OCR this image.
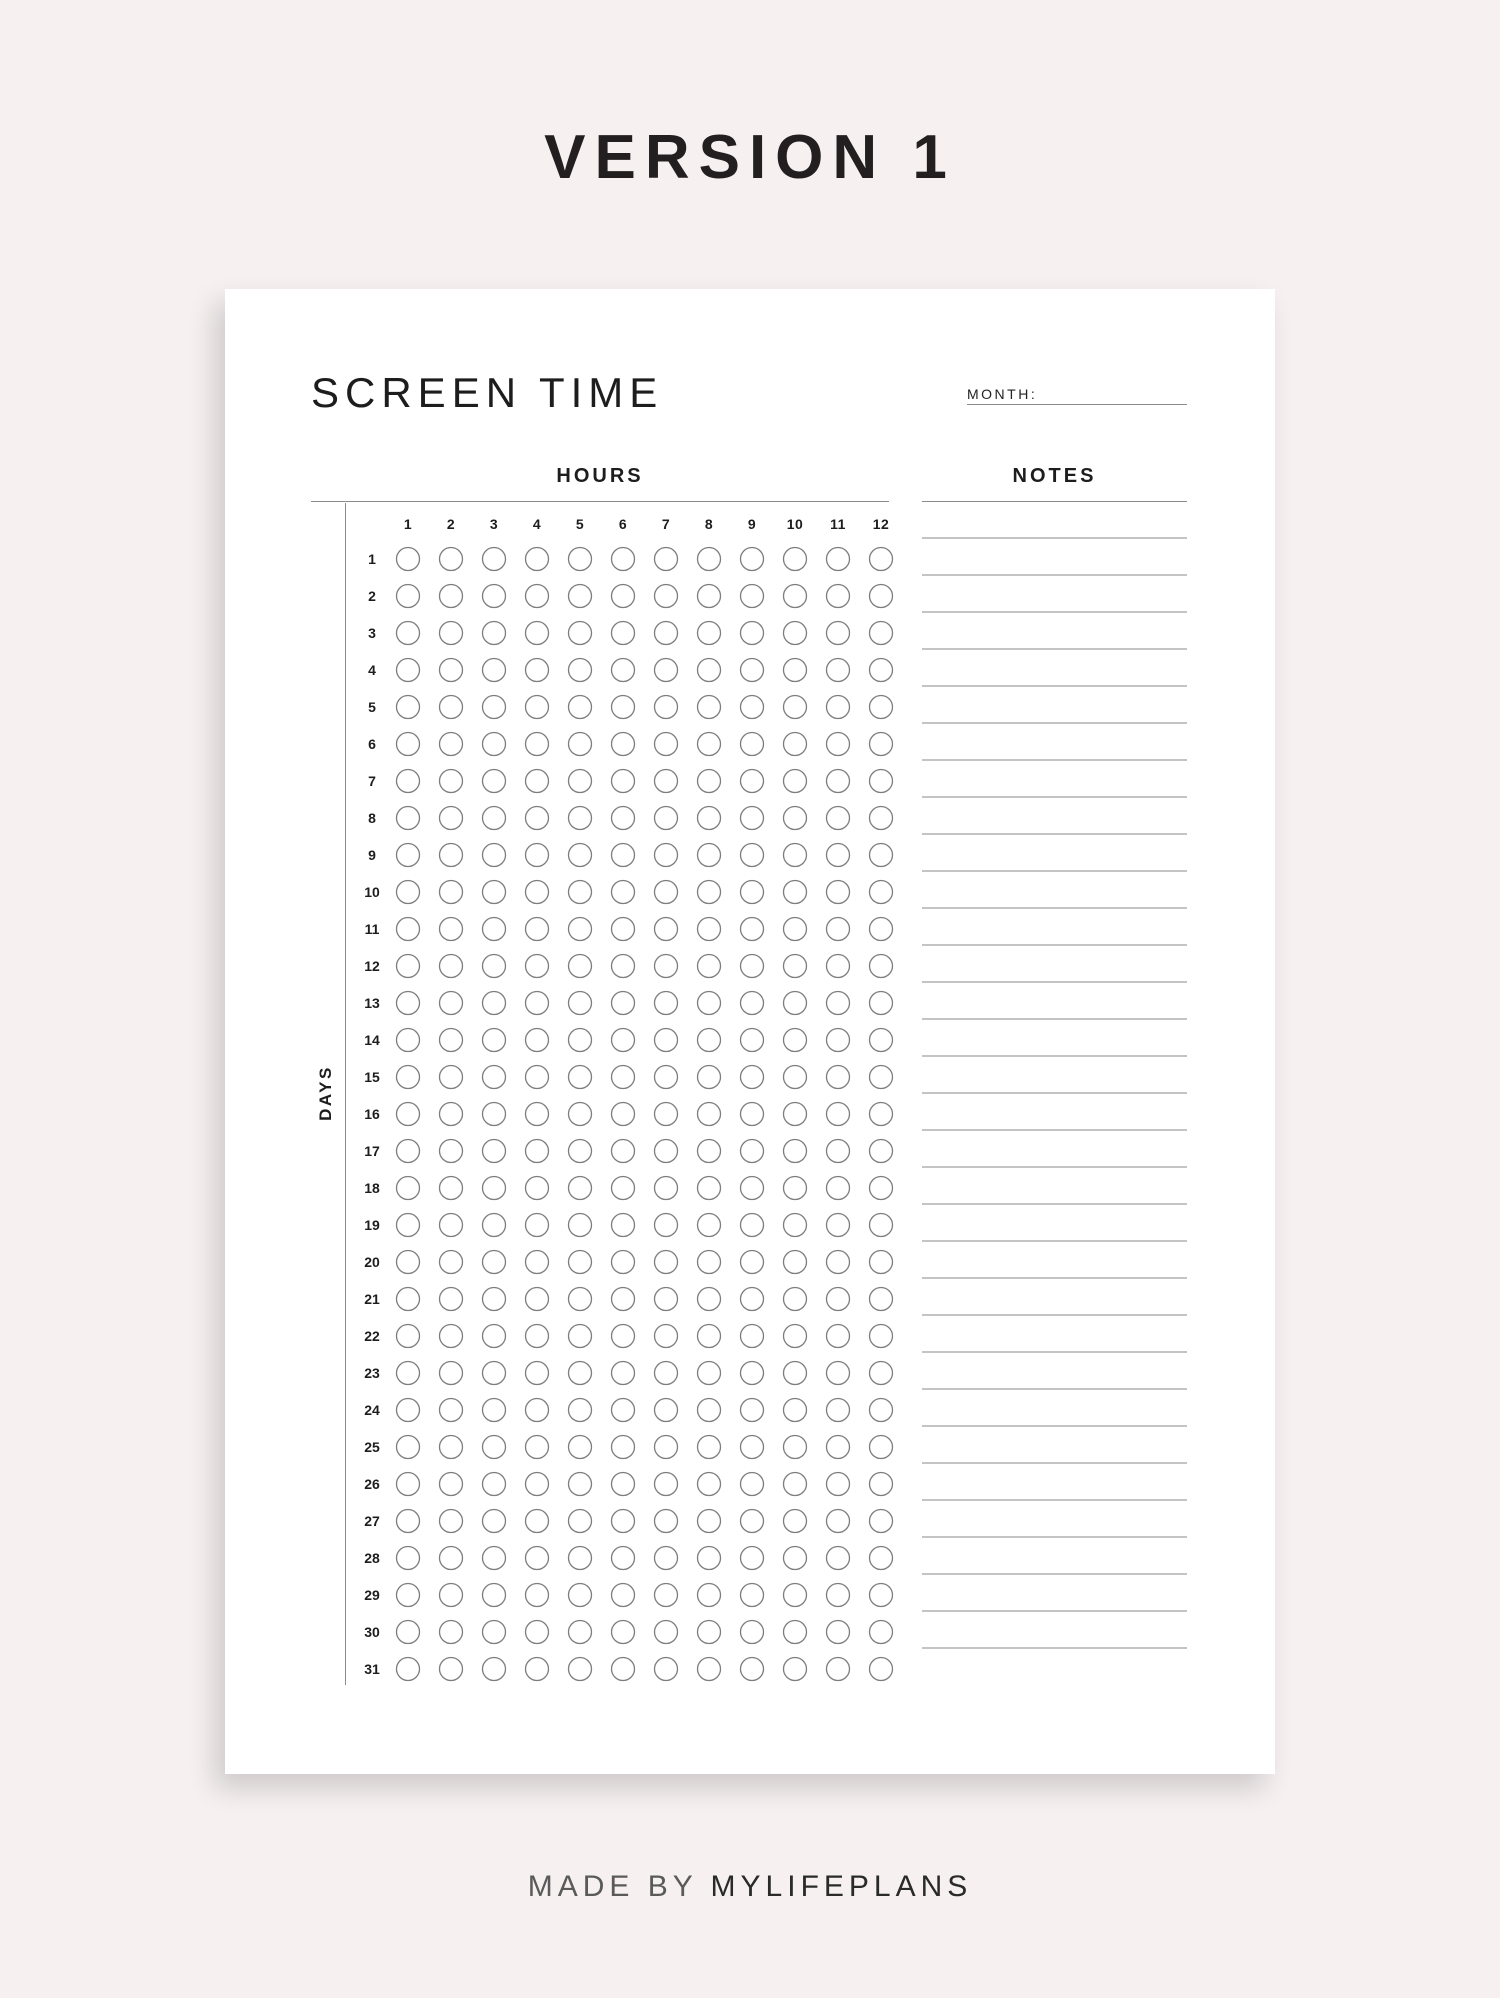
VERSION 1
SCREEN TIME	MONTH:
HOURS	NOTES
DAYS
1 2 3 4 5 6 7 8 9 10 11 12
1
2
3
4
5
6
7
8
9
10
11
12
13
14
15
16
17
18
19
20
21
22
23
24
25
26
27
28
29
30
31
MADE BY MYLIFEPLANS
